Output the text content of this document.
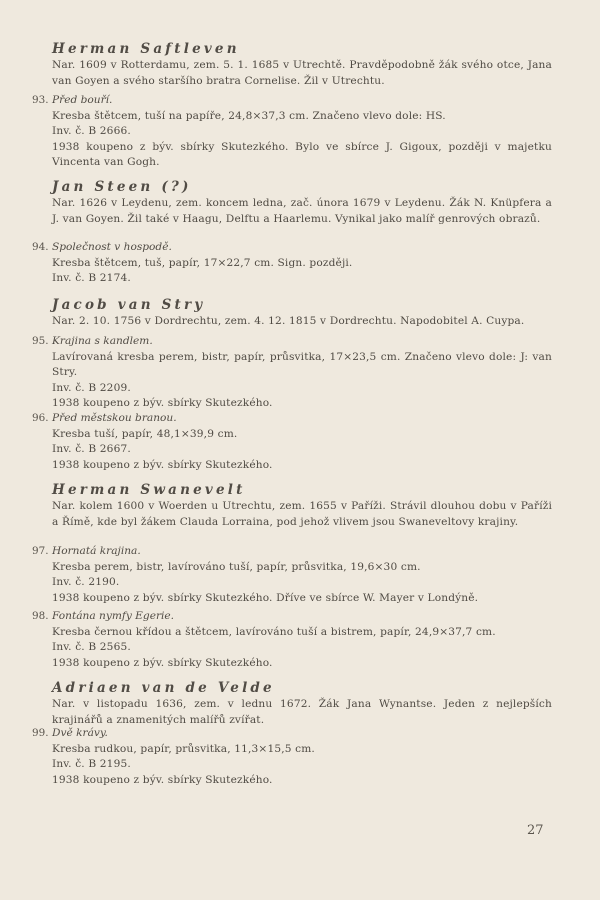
Herman Saftleven
Nar. 1609 v Rotterdamu, zem. 5. 1. 1685 v Utrechtě. Pravděpodobně žák svého otce, Jana van Goyen a svého staršího bratra Cornelise. Žil v Utrechtu.
93. Před bouří.
Kresba štětcem, tuší na papíře, 24,8×37,3 cm. Značeno vlevo dole: HS.
Inv. č. B 2666.
1938 koupeno z býv. sbírky Skutezkého. Bylo ve sbírce J. Gigoux, později v majetku Vincenta van Gogh.
Jan Steen (?)
Nar. 1626 v Leydenu, zem. koncem ledna, zač. února 1679 v Leydenu. Žák N. Knüpfera a J. van Goyen. Žil také v Haagu, Delftu a Haarlemu. Vynikal jako malíř genrových obrazů.
94. Společnost v hospodě.
Kresba štětcem, tuš, papír, 17×22,7 cm. Sign. později.
Inv. č. B 2174.
Jacob van Stry
Nar. 2. 10. 1756 v Dordrechtu, zem. 4. 12. 1815 v Dordrechtu. Napodobitel A. Cuypa.
95. Krajina s kandlem.
Lavírovaná kresba perem, bistr, papír, průsvitka, 17×23,5 cm. Značeno vlevo dole: J: van Stry.
Inv. č. B 2209.
1938 koupeno z býv. sbírky Skutezkého.
96. Před městskou branou.
Kresba tuší, papír, 48,1×39,9 cm.
Inv. č. B 2667.
1938 koupeno z býv. sbírky Skutezkého.
Herman Swanevelt
Nar. kolem 1600 v Woerden u Utrechtu, zem. 1655 v Paříži. Strávil dlouhou dobu v Paříži a Římě, kde byl žákem Clauda Lorraina, pod jehož vlivem jsou Swaneveltovy krajiny.
97. Hornatá krajina.
Kresba perem, bistr, lavírováno tuší, papír, průsvitka, 19,6×30 cm.
Inv. č. 2190.
1938 koupeno z býv. sbírky Skutezkého. Dříve ve sbírce W. Mayer v Londýně.
98. Fontána nymfy Egerie.
Kresba černou křídou a štětcem, lavírováno tuší a bistrem, papír, 24,9×37,7 cm.
Inv. č. B 2565.
1938 koupeno z býv. sbírky Skutezkého.
Adriaen van de Velde
Nar. v listopadu 1636, zem. v lednu 1672. Žák Jana Wynantse. Jeden z nejlepších krajinářů a znamenitých malířů zvířat.
99. Dvě krávy.
Kresba rudkou, papír, průsvitka, 11,3×15,5 cm.
Inv. č. B 2195.
1938 koupeno z býv. sbírky Skutezkého.
27
